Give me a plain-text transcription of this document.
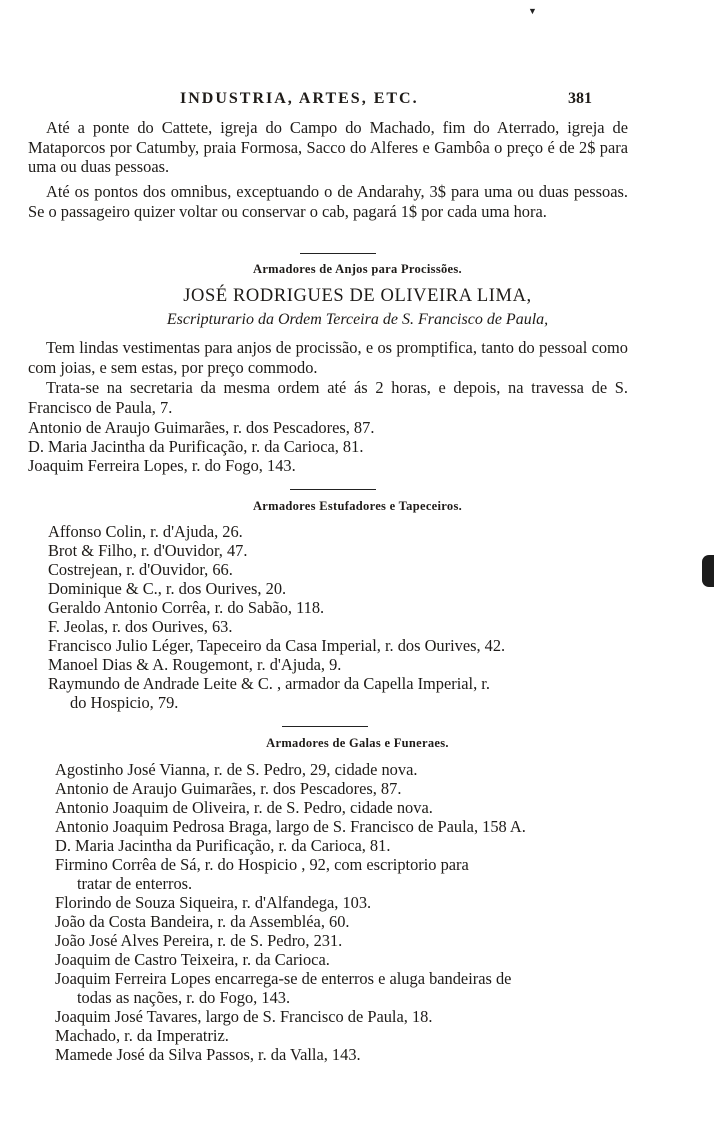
▼
INDUSTRIA, ARTES, ETC.	381
Até a ponte do Cattete, igreja do Campo do Machado, fim do Aterrado, igreja de Mataporcos por Catumby, praia Formosa, Sacco do Alferes e Gambôa o preço é de 2$ para uma ou duas pessoas.
Até os pontos dos omnibus, exceptuando o de Andarahy, 3$ para uma ou duas pessoas. Se o passageiro quizer voltar ou conservar o cab, pagará 1$ por cada uma hora.
Armadores de Anjos para Procissões.
JOSÉ RODRIGUES DE OLIVEIRA LIMA,
Escripturario da Ordem Terceira de S. Francisco de Paula,
Tem lindas vestimentas para anjos de procissão, e os promptifica, tanto do pessoal como com joias, e sem estas, por preço commodo.
Trata-se na secretaria da mesma ordem até ás 2 horas, e depois, na travessa de S. Francisco de Paula, 7.
Antonio de Araujo Guimarães, r. dos Pescadores, 87.
D. Maria Jacintha da Purificação, r. da Carioca, 81.
Joaquim Ferreira Lopes, r. do Fogo, 143.
Armadores Estufadores e Tapeceiros.
Affonso Colin, r. d'Ajuda, 26.
Brot & Filho, r. d'Ouvidor, 47.
Costrejean, r. d'Ouvidor, 66.
Dominique & C., r. dos Ourives, 20.
Geraldo Antonio Corrêa, r. do Sabão, 118.
F. Jeolas, r. dos Ourives, 63.
Francisco Julio Léger, Tapeceiro da Casa Imperial, r. dos Ourives, 42.
Manoel Dias & A. Rougemont, r. d'Ajuda, 9.
Raymundo de Andrade Leite & C. , armador da Capella Imperial, r.
do Hospicio, 79.
Armadores de Galas e Funeraes.
Agostinho José Vianna, r. de S. Pedro, 29, cidade nova.
Antonio de Araujo Guimarães, r. dos Pescadores, 87.
Antonio Joaquim de Oliveira, r. de S. Pedro, cidade nova.
Antonio Joaquim Pedrosa Braga, largo de S. Francisco de Paula, 158 A.
D. Maria Jacintha da Purificação, r. da Carioca, 81.
Firmino Corrêa de Sá, r. do Hospicio , 92, com escriptorio para
tratar de enterros.
Florindo de Souza Siqueira, r. d'Alfandega, 103.
João da Costa Bandeira, r. da Assembléa, 60.
João José Alves Pereira, r. de S. Pedro, 231.
Joaquim de Castro Teixeira, r. da Carioca.
Joaquim Ferreira Lopes encarrega-se de enterros e aluga bandeiras de
todas as nações, r. do Fogo, 143.
Joaquim José Tavares, largo de S. Francisco de Paula, 18.
Machado, r. da Imperatriz.
Mamede José da Silva Passos, r. da Valla, 143.
